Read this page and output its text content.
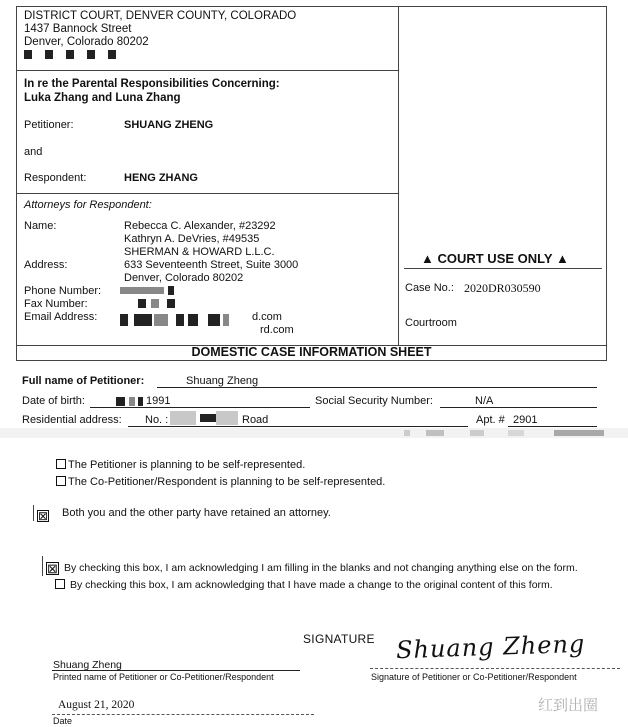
DISTRICT COURT, DENVER COUNTY, COLORADO
1437 Bannock Street
Denver, Colorado 80202

In re the Parental Responsibilities Concerning:
Luka Zhang and Luna Zhang
Petitioner:	SHUANG ZHENG
and
Respondent:	HENG ZHANG
Attorneys for Respondent:
Name:	Rebecca C. Alexander, #23292
Kathryn A. DeVries, #49535
SHERMAN & HOWARD L.L.C.
Address:	633 Seventeenth Street, Suite 3000
Denver, Colorado 80202
Phone Number:
Fax Number:
Email Address:	d.com
rd.com
▲ COURT USE ONLY ▲
Case No.: 2020DR030590
Courtroom
DOMESTIC CASE INFORMATION SHEET
Full name of Petitioner:	Shuang Zheng
Date of birth:	1991	Social Security Number:	N/A
Residential address: No. :	Road	Apt. # 2901
The Petitioner is planning to be self-represented.
The Co-Petitioner/Respondent is planning to be self-represented.
⊠ Both you and the other party have retained an attorney.
⊠ By checking this box, I am acknowledging I am filling in the blanks and not changing anything else on the form.
By checking this box, I am acknowledging that I have made a change to the original content of this form.
SIGNATURE
Shuang Zheng
Printed name of Petitioner or Co-Petitioner/Respondent
Shuang Zheng
Signature of Petitioner or Co-Petitioner/Respondent
August 21, 2020
Date
红到出圈
